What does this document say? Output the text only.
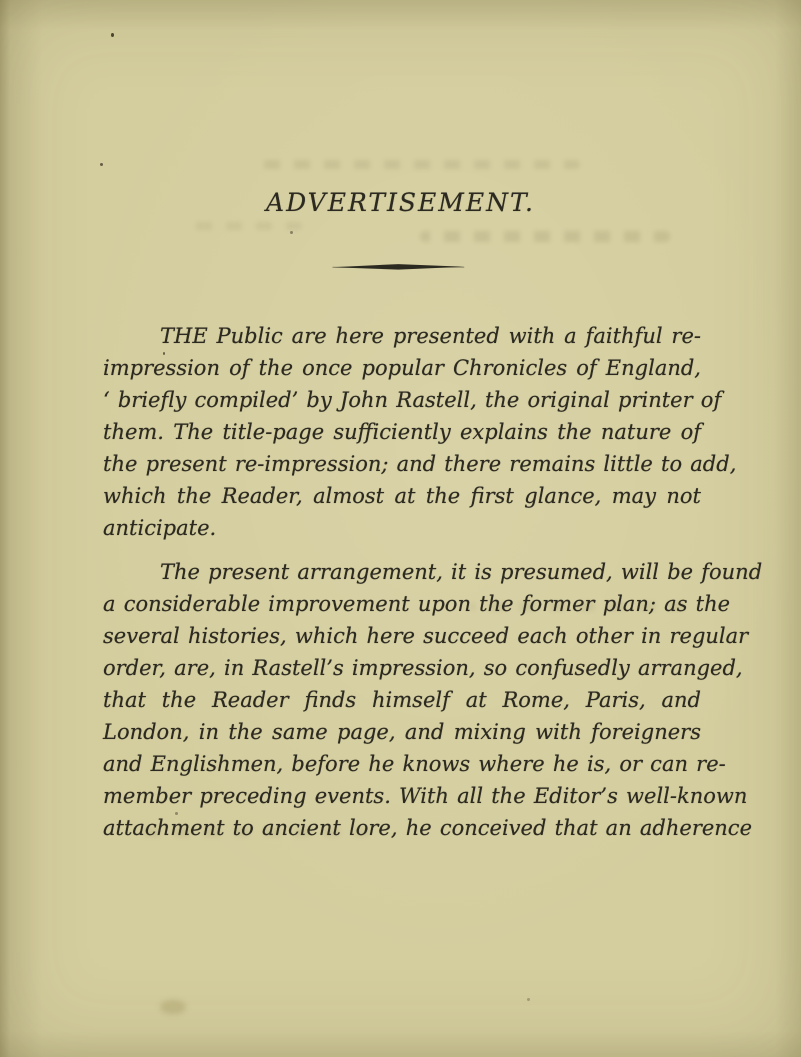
ADVERTISEMENT.
THE Public are here presented with a faithful re-
impression of the once popular Chronicles of England,
‘ briefly compiled’ by John Rastell, the original printer of
them. The title-page sufficiently explains the nature of
the present re-impression; and there remains little to add,
which the Reader, almost at the first glance, may not
anticipate.
The present arrangement, it is presumed, will be found
a considerable improvement upon the former plan; as the
several histories, which here succeed each other in regular
order, are, in Rastell’s impression, so confusedly arranged,
that the Reader finds himself at Rome, Paris, and
London, in the same page, and mixing with foreigners
and Englishmen, before he knows where he is, or can re-
member preceding events. With all the Editor’s well-known
attachment to ancient lore, he conceived that an adherence
